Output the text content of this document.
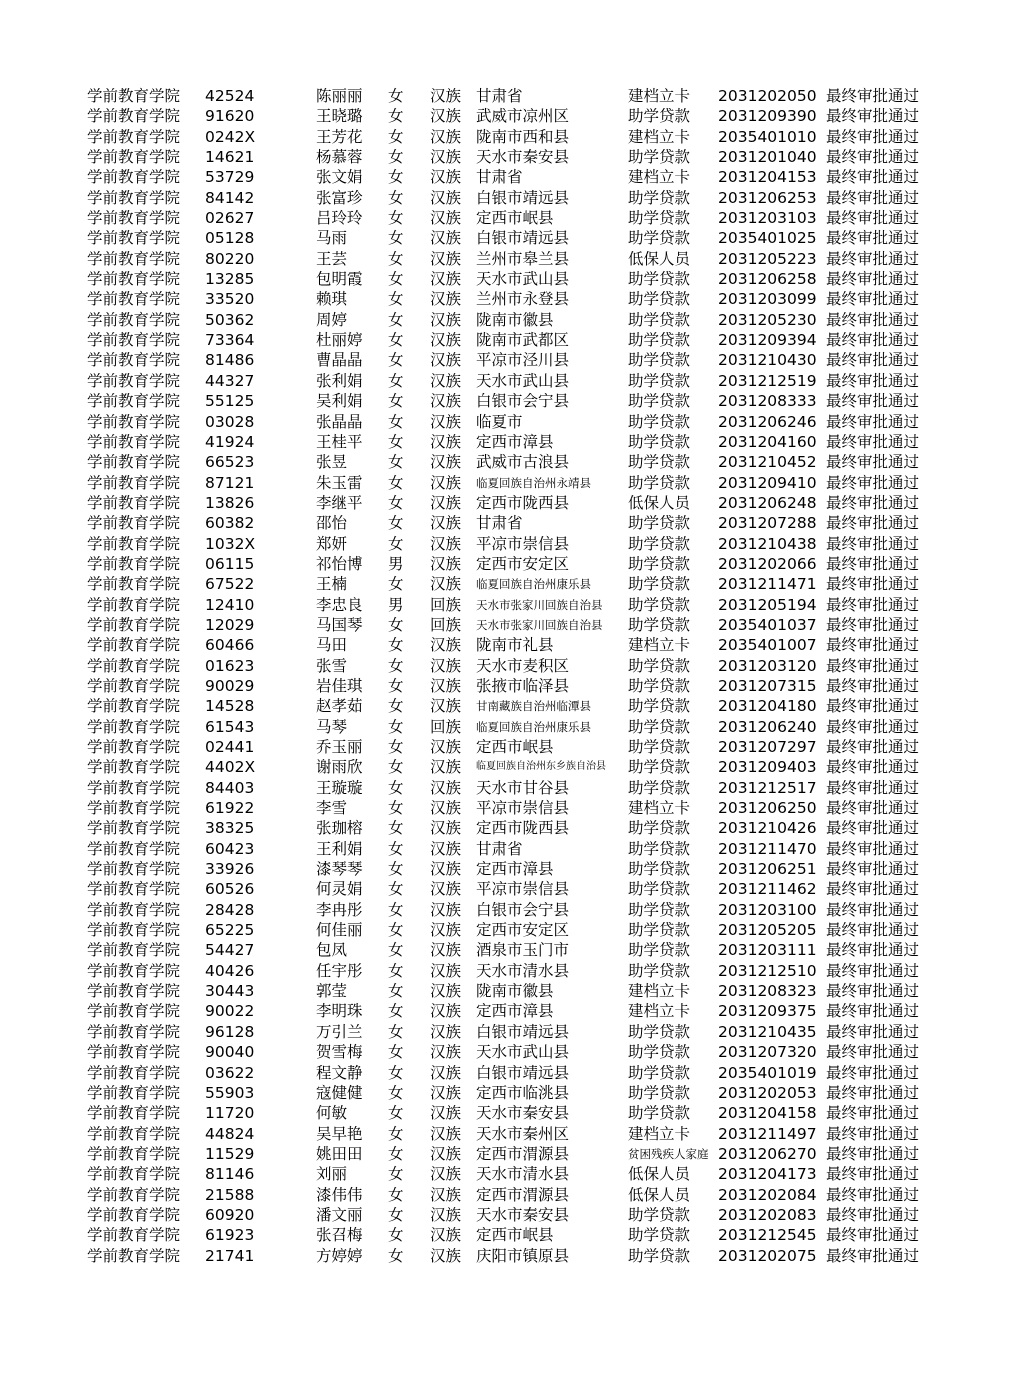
学前教育学院 42524	陈丽丽 女 汉族 甘肃省	建档立卡	2031202050 最终审批通过
学前教育学院 91620	王晓璐 女 汉族 武威市凉州区	助学贷款	2031209390 最终审批通过
学前教育学院 0242X	王芳花 女 汉族 陇南市西和县	建档立卡	2035401010 最终审批通过
学前教育学院 14621	杨慕蓉 女 汉族 天水市秦安县	助学贷款	2031201040 最终审批通过
学前教育学院 53729	张文娟 女 汉族 甘肃省	建档立卡	2031204153 最终审批通过
学前教育学院 84142	张富珍 女 汉族 白银市靖远县	助学贷款	2031206253 最终审批通过
学前教育学院 02627	吕玲玲 女 汉族 定西市岷县	助学贷款	2031203103 最终审批通过
学前教育学院 05128	马雨	女 汉族 白银市靖远县	助学贷款	2035401025 最终审批通过
学前教育学院 80220	王芸	女 汉族 兰州市皋兰县	低保人员	2031205223 最终审批通过
学前教育学院 13285	包明霞 女 汉族 天水市武山县	助学贷款	2031206258 最终审批通过
学前教育学院 33520	赖琪	女 汉族 兰州市永登县	助学贷款	2031203099 最终审批通过
学前教育学院 50362	周婷	女 汉族 陇南市徽县	助学贷款	2031205230 最终审批通过
学前教育学院 73364	杜丽婷 女 汉族 陇南市武都区	助学贷款	2031209394 最终审批通过
学前教育学院 81486	曹晶晶 女 汉族 平凉市泾川县	助学贷款	2031210430 最终审批通过
学前教育学院 44327	张利娟 女 汉族 天水市武山县	助学贷款	2031212519 最终审批通过
学前教育学院 55125	吴利娟 女 汉族 白银市会宁县	助学贷款	2031208333 最终审批通过
学前教育学院 03028	张晶晶 女 汉族 临夏市	助学贷款	2031206246 最终审批通过
学前教育学院 41924	王桂平 女 汉族 定西市漳县	助学贷款	2031204160 最终审批通过
学前教育学院 66523	张昱	女 汉族 武威市古浪县	助学贷款	2031210452 最终审批通过
学前教育学院 87121	朱玉雷 女 汉族 临夏回族自治州永靖县	助学贷款	2031209410 最终审批通过
学前教育学院 13826	李继平 女 汉族 定西市陇西县	低保人员	2031206248 最终审批通过
学前教育学院 60382	邵怡	女 汉族 甘肃省	助学贷款	2031207288 最终审批通过
学前教育学院 1032X	郑妍	女 汉族 平凉市崇信县	助学贷款	2031210438 最终审批通过
学前教育学院 06115	祁怡博 男 汉族 定西市安定区	助学贷款	2031202066 最终审批通过
学前教育学院 67522	王楠	女 汉族 临夏回族自治州康乐县	助学贷款	2031211471 最终审批通过
学前教育学院 12410	李忠良 男 回族 天水市张家川回族自治县	助学贷款	2031205194 最终审批通过
学前教育学院 12029	马国琴 女 回族 天水市张家川回族自治县	助学贷款	2035401037 最终审批通过
学前教育学院 60466	马田	女 汉族 陇南市礼县	建档立卡	2035401007 最终审批通过
学前教育学院 01623	张雪	女 汉族 天水市麦积区	助学贷款	2031203120 最终审批通过
学前教育学院 90029	岩佳琪 女 汉族 张掖市临泽县	助学贷款	2031207315 最终审批通过
学前教育学院 14528	赵孝茹 女 汉族 甘南藏族自治州临潭县	助学贷款	2031204180 最终审批通过
学前教育学院 61543	马琴	女 回族 临夏回族自治州康乐县	助学贷款	2031206240 最终审批通过
学前教育学院 02441	乔玉丽 女 汉族 定西市岷县	助学贷款	2031207297 最终审批通过
学前教育学院 4402X	谢雨欣 女 汉族 临夏回族自治州东乡族自治县	助学贷款	2031209403 最终审批通过
学前教育学院 84403	王璇璇 女 汉族 天水市甘谷县	助学贷款	2031212517 最终审批通过
学前教育学院 61922	李雪	女 汉族 平凉市崇信县	建档立卡	2031206250 最终审批通过
学前教育学院 38325	张珈榕 女 汉族 定西市陇西县	助学贷款	2031210426 最终审批通过
学前教育学院 60423	王利娟 女 汉族 甘肃省	助学贷款	2031211470 最终审批通过
学前教育学院 33926	漆琴琴 女 汉族 定西市漳县	助学贷款	2031206251 最终审批通过
学前教育学院 60526	何灵娟 女 汉族 平凉市崇信县	助学贷款	2031211462 最终审批通过
学前教育学院 28428	李冉彤 女 汉族 白银市会宁县	助学贷款	2031203100 最终审批通过
学前教育学院 65225	何佳丽 女 汉族 定西市安定区	助学贷款	2031205205 最终审批通过
学前教育学院 54427	包凤	女 汉族 酒泉市玉门市	助学贷款	2031203111 最终审批通过
学前教育学院 40426	任宇彤 女 汉族 天水市清水县	助学贷款	2031212510 最终审批通过
学前教育学院 30443	郭莹	女 汉族 陇南市徽县	建档立卡	2031208323 最终审批通过
学前教育学院 90022	李明珠 女 汉族 定西市漳县	建档立卡	2031209375 最终审批通过
学前教育学院 96128	万引兰 女 汉族 白银市靖远县	助学贷款	2031210435 最终审批通过
学前教育学院 90040	贺雪梅 女 汉族 天水市武山县	助学贷款	2031207320 最终审批通过
学前教育学院 03622	程文静 女 汉族 白银市靖远县	助学贷款	2035401019 最终审批通过
学前教育学院 55903	寇健健 女 汉族 定西市临洮县	助学贷款	2031202053 最终审批通过
学前教育学院 11720	何敏	女 汉族 天水市秦安县	助学贷款	2031204158 最终审批通过
学前教育学院 44824	吴早艳 女 汉族 天水市秦州区	建档立卡	2031211497 最终审批通过
学前教育学院 11529	姚田田 女 汉族 定西市渭源县	贫困残疾人家庭 2031206270 最终审批通过
学前教育学院 81146	刘丽	女 汉族 天水市清水县	低保人员	2031204173 最终审批通过
学前教育学院 21588	漆伟伟 女 汉族 定西市渭源县	低保人员	2031202084 最终审批通过
学前教育学院 60920	潘文丽 女 汉族 天水市秦安县	助学贷款	2031202083 最终审批通过
学前教育学院 61923	张召梅 女 汉族 定西市岷县	助学贷款	2031212545 最终审批通过
学前教育学院 21741	方婷婷 女 汉族 庆阳市镇原县	助学贷款	2031202075 最终审批通过
